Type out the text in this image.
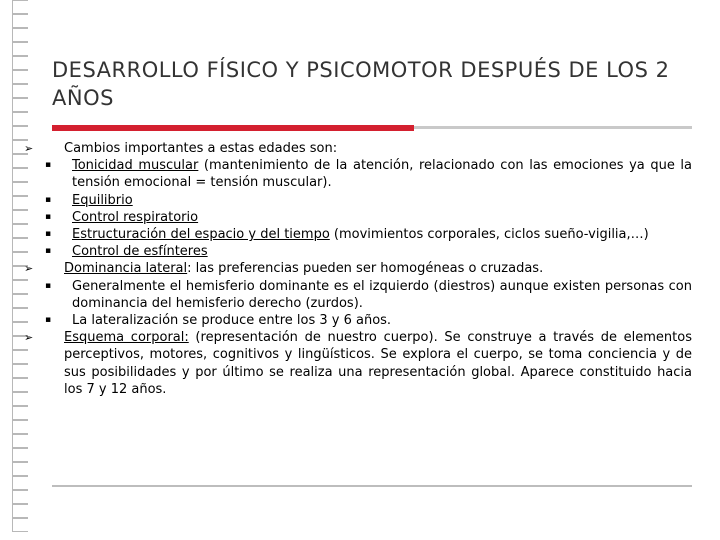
DESARROLLO FÍSICO Y PSICOMOTOR DESPUÉS DE LOS 2 AÑOS
➢ Cambios importantes a estas edades son:
▪ Tonicidad muscular (mantenimiento de la atención, relacionado con las emociones ya que la tensión emocional = tensión muscular).
▪ Equilibrio
▪ Control respiratorio
▪ Estructuración del espacio y del tiempo (movimientos corporales, ciclos sueño-vigilia,…)
▪ Control de esfínteres
➢ Dominancia lateral: las preferencias pueden ser homogéneas o cruzadas.
▪ Generalmente el hemisferio dominante es el izquierdo (diestros) aunque existen personas con dominancia del hemisferio derecho (zurdos).
▪ La lateralización se produce entre los 3 y 6 años.
➢ Esquema corporal: (representación de nuestro cuerpo). Se construye a través de elementos perceptivos, motores, cognitivos y lingüísticos. Se explora el cuerpo, se toma conciencia y de sus posibilidades y por último se realiza una representación global. Aparece constituido hacia los 7 y 12 años.
